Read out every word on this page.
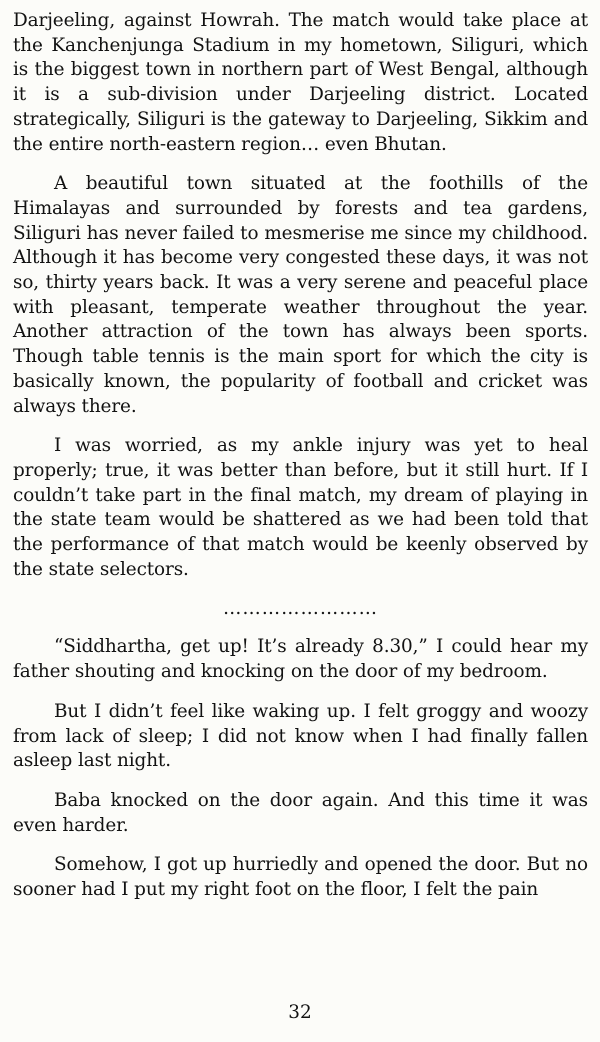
Darjeeling, against Howrah. The match would take place at the Kanchenjunga Stadium in my hometown, Siliguri, which is the biggest town in northern part of West Bengal, although it is a sub-division under Darjeeling district. Located strategically, Siliguri is the gateway to Darjeeling, Sikkim and the entire north-eastern region… even Bhutan.

A beautiful town situated at the foothills of the Himalayas and surrounded by forests and tea gardens, Siliguri has never failed to mesmerise me since my childhood. Although it has become very congested these days, it was not so, thirty years back. It was a very serene and peaceful place with pleasant, temperate weather throughout the year. Another attraction of the town has always been sports. Though table tennis is the main sport for which the city is basically known, the popularity of football and cricket was always there.

I was worried, as my ankle injury was yet to heal properly; true, it was better than before, but it still hurt. If I couldn’t take part in the final match, my dream of playing in the state team would be shattered as we had been told that the performance of that match would be keenly observed by the state selectors.

……………………

“Siddhartha, get up! It’s already 8.30,” I could hear my father shouting and knocking on the door of my bedroom.

But I didn’t feel like waking up. I felt groggy and woozy from lack of sleep; I did not know when I had finally fallen asleep last night.

Baba knocked on the door again. And this time it was even harder.

Somehow, I got up hurriedly and opened the door. But no sooner had I put my right foot on the floor, I felt the pain

32
